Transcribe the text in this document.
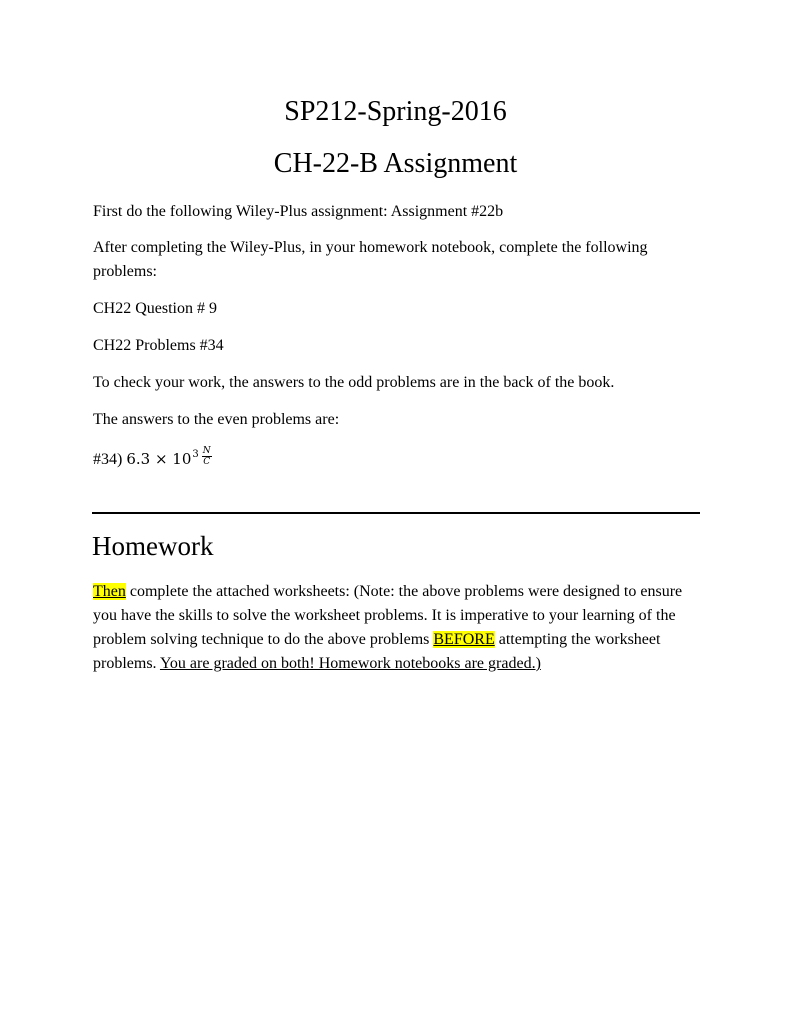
SP212-Spring-2016
CH-22-B Assignment
First do the following Wiley-Plus assignment: Assignment #22b
After completing the Wiley-Plus, in your homework notebook, complete the following problems:
CH22 Question # 9
CH22 Problems #34
To check your work, the answers to the odd problems are in the back of the book.
The answers to the even problems are:
#34) $6.3 \times 10^3 \frac{N}{C}$
Homework
Then complete the attached worksheets: (Note: the above problems were designed to ensure you have the skills to solve the worksheet problems. It is imperative to your learning of the problem solving technique to do the above problems BEFORE attempting the worksheet problems. You are graded on both! Homework notebooks are graded.)
